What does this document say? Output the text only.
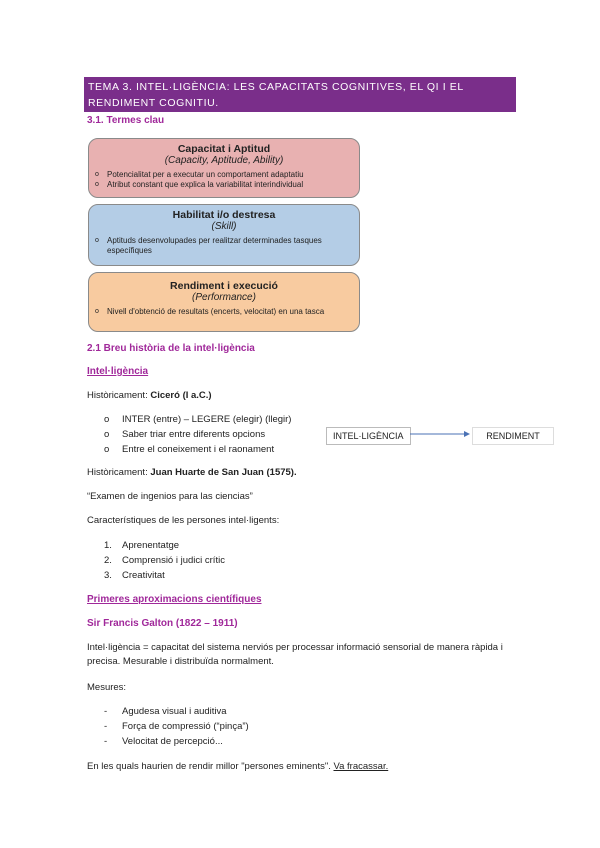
TEMA 3. INTEL·LIGÈNCIA: LES CAPACITATS COGNITIVES, EL QI I EL RENDIMENT COGNITIU.
3.1. Termes clau
Capacitat i Aptitud
(Capacity, Aptitude, Ability)
o Potencialitat per a executar un comportament adaptatiu
o Atribut constant que explica la variabilitat interindividual
Habilitat i/o destresa
(Skill)
o Aptituds desenvolupades per realitzar determinades tasques específiques
Rendiment i execució
(Performance)
o Nivell d'obtenció de resultats (encerts, velocitat) en una tasca
2.1 Breu història de la intel·ligència
Intel·ligència
Històricament: Ciceró (I a.C.)
o INTER (entre) – LEGERE (elegir) (llegir)
o Saber triar entre diferents opcions
o Entre el coneixement i el raonament
INTEL·LIGÈNCIA	RENDIMENT
Històricament: Juan Huarte de San Juan (1575).
“Examen de ingenios para las ciencias”
Característiques de les persones intel·ligents:
1. Aprenentatge
2. Comprensió i judici crític
3. Creativitat
Primeres aproximacions científiques
Sir Francis Galton (1822 – 1911)
Intel·ligència = capacitat del sistema nerviós per processar informació sensorial de manera ràpida i precisa. Mesurable i distribuïda normalment.
Mesures:
- Agudesa visual i auditiva
- Força de compressió (“pinça”)
- Velocitat de percepció...
En les quals haurien de rendir millor "persones eminents". Va fracassar.
